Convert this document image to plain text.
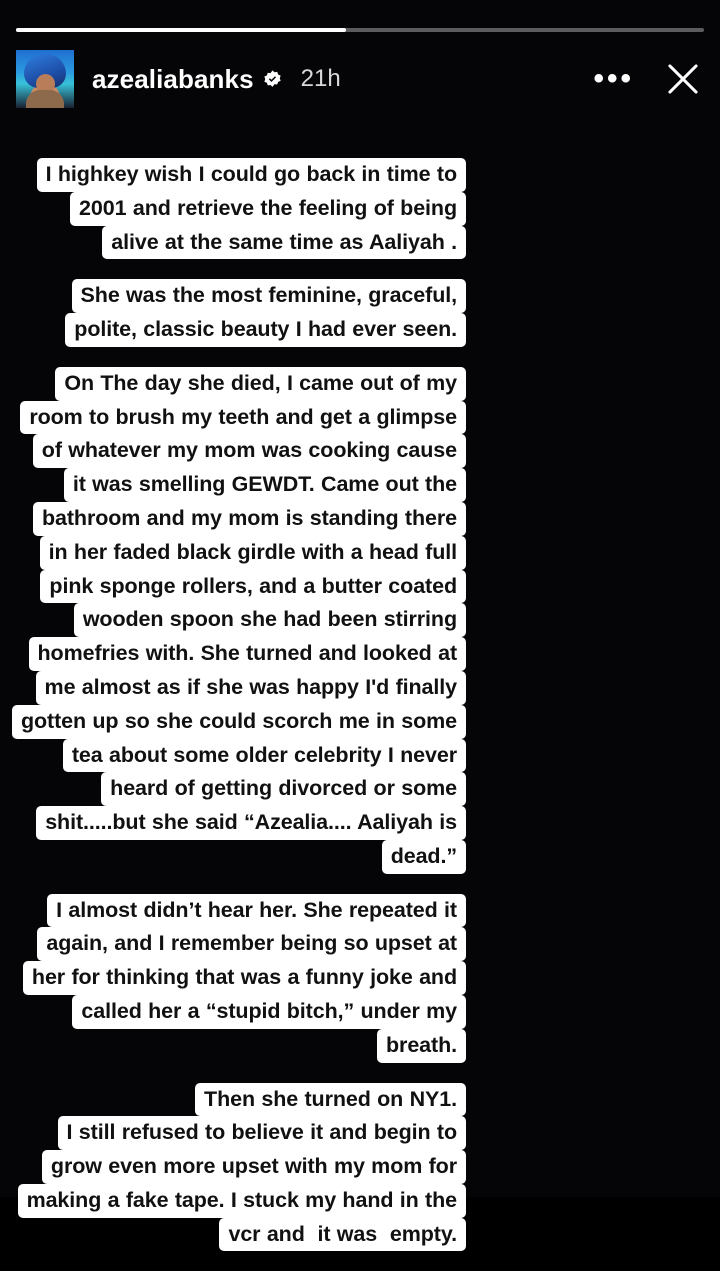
azealiabanks 21h	•••

I highkey wish I could go back in time to
2001 and retrieve the feeling of being
alive at the same time as Aaliyah .

She was the most feminine, graceful,
polite, classic beauty I had ever seen.

On The day she died, I came out of my
room to brush my teeth and get a glimpse
of whatever my mom was cooking cause
it was smelling GEWDT. Came out the
bathroom and my mom is standing there
in her faded black girdle with a head full
pink sponge rollers, and a butter coated
wooden spoon she had been stirring
homefries with. She turned and looked at
me almost as if she was happy I'd finally
gotten up so she could scorch me in some
tea about some older celebrity I never
heard of getting divorced or some
shit.....but she said “Azealia.... Aaliyah is
dead.”

I almost didn’t hear her. She repeated it
again, and I remember being so upset at
her for thinking that was a funny joke and
called her a “stupid bitch,” under my
breath.

Then she turned on NY1.
I still refused to believe it and begin to
grow even more upset with my mom for
making a fake tape. I stuck my hand in the
vcr and  it was  empty.
